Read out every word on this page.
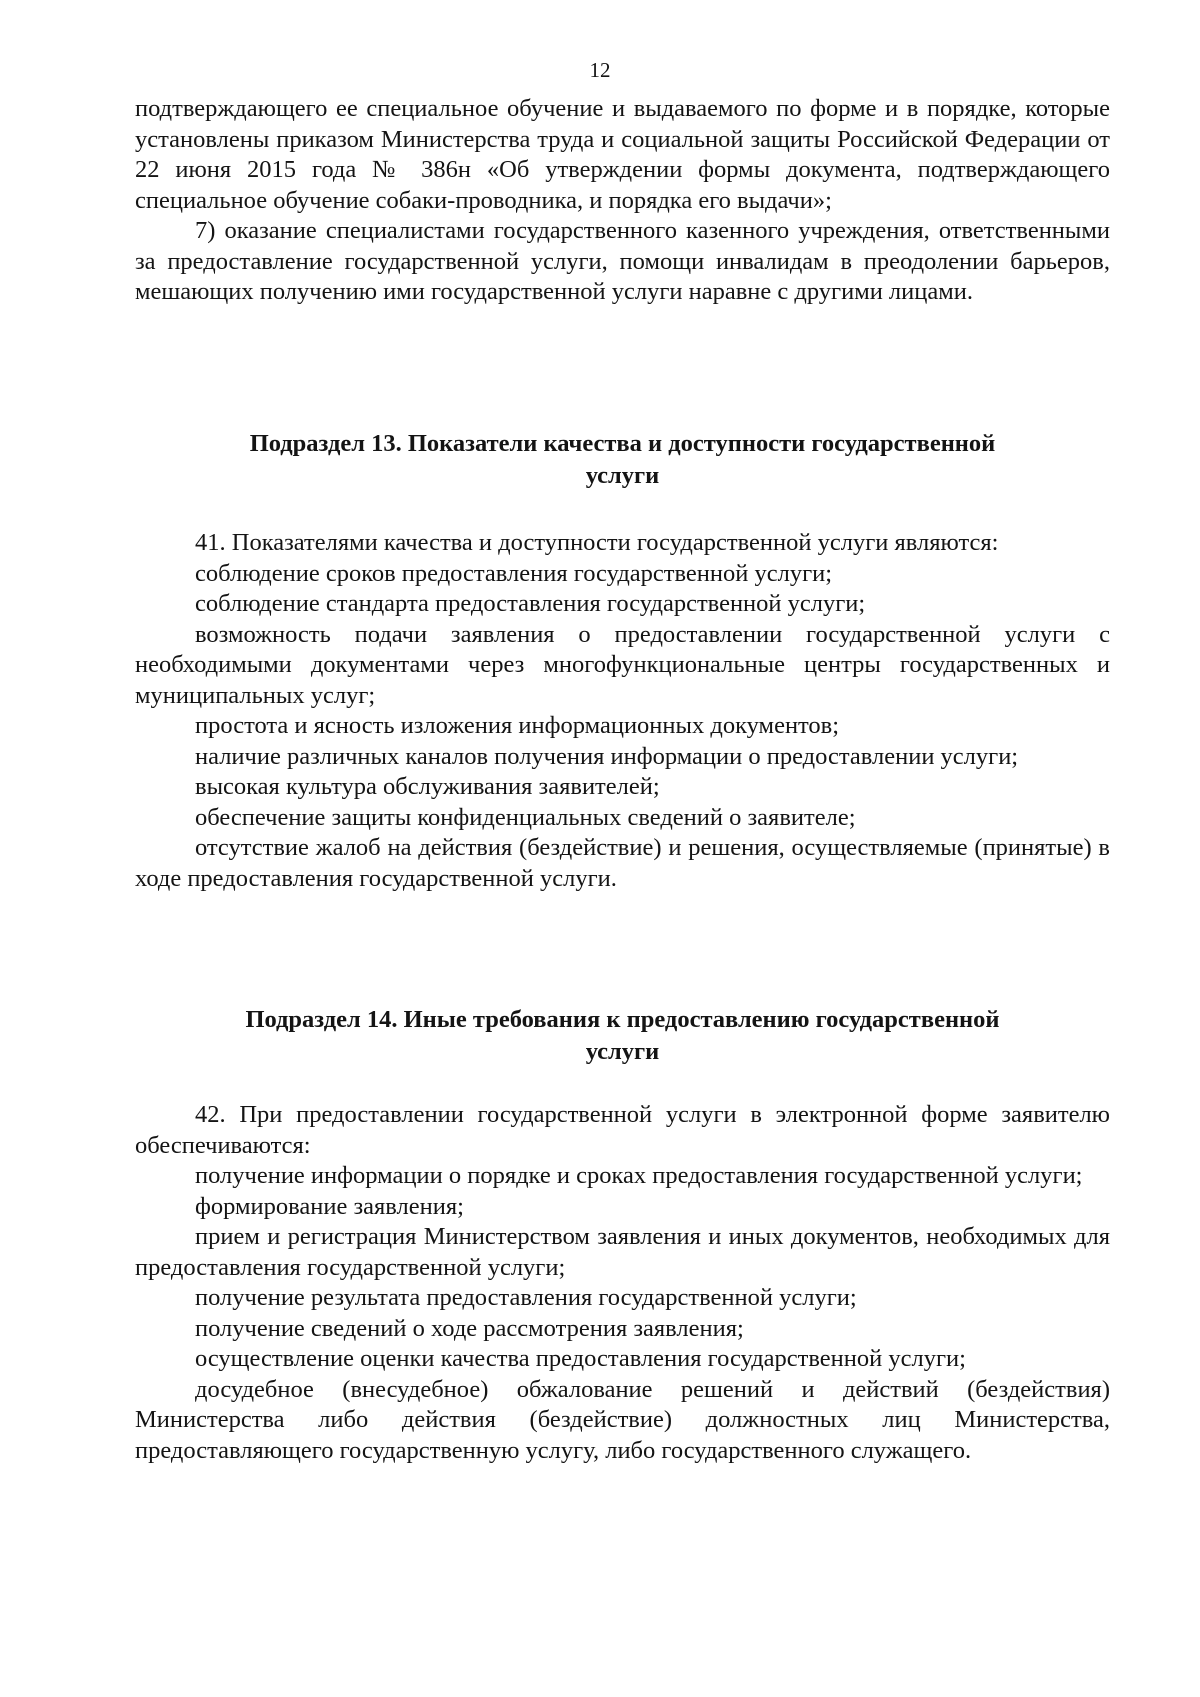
12

подтверждающего ее специальное обучение и выдаваемого по форме и в порядке, которые установлены приказом Министерства труда и социальной защиты Российской Федерации от 22 июня 2015 года № 386н «Об утверждении формы документа, подтверждающего специальное обучение собаки-проводника, и порядка его выдачи»;

7) оказание специалистами государственного казенного учреждения, ответственными за предоставление государственной услуги, помощи инвалидам в преодолении барьеров, мешающих получению ими государственной услуги наравне с другими лицами.

Подраздел 13. Показатели качества и доступности государственной
услуги

41. Показателями качества и доступности государственной услуги являются:

соблюдение сроков предоставления государственной услуги;

соблюдение стандарта предоставления государственной услуги;

возможность подачи заявления о предоставлении государственной услуги с необходимыми документами через многофункциональные центры государственных и муниципальных услуг;

простота и ясность изложения информационных документов;

наличие различных каналов получения информации о предоставлении услуги;

высокая культура обслуживания заявителей;

обеспечение защиты конфиденциальных сведений о заявителе;

отсутствие жалоб на действия (бездействие) и решения, осуществляемые (принятые) в ходе предоставления государственной услуги.

Подраздел 14. Иные требования к предоставлению государственной
услуги

42. При предоставлении государственной услуги в электронной форме заявителю обеспечиваются:

получение информации о порядке и сроках предоставления государственной услуги;

формирование заявления;

прием и регистрация Министерством заявления и иных документов, необходимых для предоставления государственной услуги;

получение результата предоставления государственной услуги;

получение сведений о ходе рассмотрения заявления;

осуществление оценки качества предоставления государственной услуги;

досудебное (внесудебное) обжалование решений и действий (бездействия) Министерства либо действия (бездействие) должностных лиц Министерства, предоставляющего государственную услугу, либо государственного служащего.
